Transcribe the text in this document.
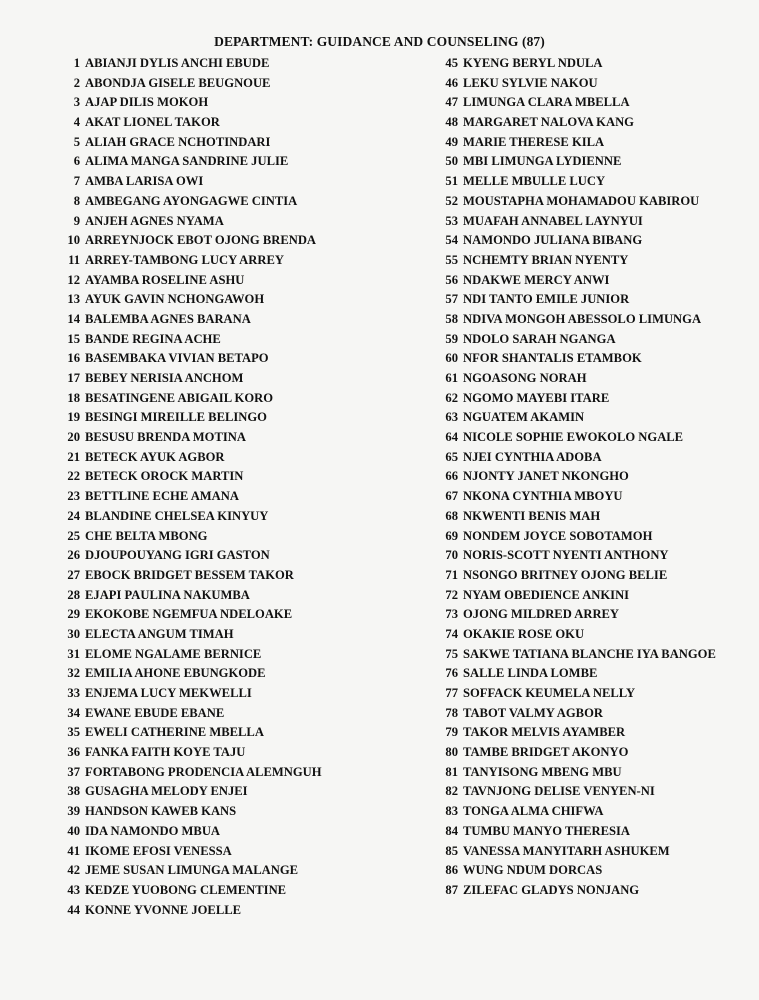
DEPARTMENT: GUIDANCE AND COUNSELING (87)
1 ABIANJI DYLIS ANCHI EBUDE
2 ABONDJA GISELE BEUGNOUE
3 AJAP DILIS MOKOH
4 AKAT LIONEL TAKOR
5 ALIAH GRACE NCHOTINDARI
6 ALIMA MANGA SANDRINE JULIE
7 AMBA LARISA OWI
8 AMBEGANG AYONGAGWE CINTIA
9 ANJEH AGNES NYAMA
10 ARREYNJOCK EBOT OJONG BRENDA
11 ARREY-TAMBONG LUCY ARREY
12 AYAMBA ROSELINE ASHU
13 AYUK GAVIN NCHONGAWOH
14 BALEMBA AGNES BARANA
15 BANDE REGINA ACHE
16 BASEMBAKA VIVIAN BETAPO
17 BEBEY NERISIA ANCHOM
18 BESATINGENE ABIGAIL KORO
19 BESINGI MIREILLE BELINGO
20 BESUSU BRENDA MOTINA
21 BETECK AYUK AGBOR
22 BETECK OROCK MARTIN
23 BETTLINE ECHE AMANA
24 BLANDINE CHELSEA KINYUY
25 CHE BELTA MBONG
26 DJOUPOUYANG IGRI GASTON
27 EBOCK BRIDGET BESSEM TAKOR
28 EJAPI PAULINA NAKUMBA
29 EKOKOBE NGEMFUA NDELOAKE
30 ELECTA ANGUM TIMAH
31 ELOME NGALAME BERNICE
32 EMILIA AHONE EBUNGKODE
33 ENJEMA LUCY MEKWELLI
34 EWANE EBUDE EBANE
35 EWELI CATHERINE MBELLA
36 FANKA FAITH KOYE TAJU
37 FORTABONG PRODENCIA ALEMNGUH
38 GUSAGHA MELODY ENJEI
39 HANDSON KAWEB KANS
40 IDA NAMONDO MBUA
41 IKOME EFOSI VENESSA
42 JEME SUSAN LIMUNGA MALANGE
43 KEDZE YUOBONG CLEMENTINE
44 KONNE YVONNE JOELLE
45 KYENG BERYL NDULA
46 LEKU SYLVIE NAKOU
47 LIMUNGA CLARA MBELLA
48 MARGARET NALOVA KANG
49 MARIE THERESE KILA
50 MBI LIMUNGA LYDIENNE
51 MELLE MBULLE LUCY
52 MOUSTAPHA MOHAMADOU KABIROU
53 MUAFAH ANNABEL LAYNYUI
54 NAMONDO JULIANA BIBANG
55 NCHEMTY BRIAN NYENTY
56 NDAKWE MERCY ANWI
57 NDI TANTO EMILE JUNIOR
58 NDIVA MONGOH ABESSOLO LIMUNGA
59 NDOLO SARAH NGANGA
60 NFOR SHANTALIS ETAMBOK
61 NGOASONG NORAH
62 NGOMO MAYEBI ITARE
63 NGUATEM AKAMIN
64 NICOLE SOPHIE EWOKOLO NGALE
65 NJEI CYNTHIA ADOBA
66 NJONTY JANET NKONGHO
67 NKONA CYNTHIA MBOYU
68 NKWENTI BENIS MAH
69 NONDEM JOYCE SOBOTAMOH
70 NORIS-SCOTT NYENTI ANTHONY
71 NSONGO BRITNEY OJONG BELIE
72 NYAM OBEDIENCE ANKINI
73 OJONG MILDRED ARREY
74 OKAKIE ROSE OKU
75 SAKWE TATIANA BLANCHE IYA BANGOE
76 SALLE LINDA LOMBE
77 SOFFACK KEUMELA NELLY
78 TABOT VALMY AGBOR
79 TAKOR MELVIS AYAMBER
80 TAMBE BRIDGET AKONYO
81 TANYISONG MBENG MBU
82 TAVNJONG DELISE VENYEN-NI
83 TONGA ALMA CHIFWA
84 TUMBU MANYO THERESIA
85 VANESSA MANYITARH ASHUKEM
86 WUNG NDUM DORCAS
87 ZILEFAC GLADYS NONJANG
